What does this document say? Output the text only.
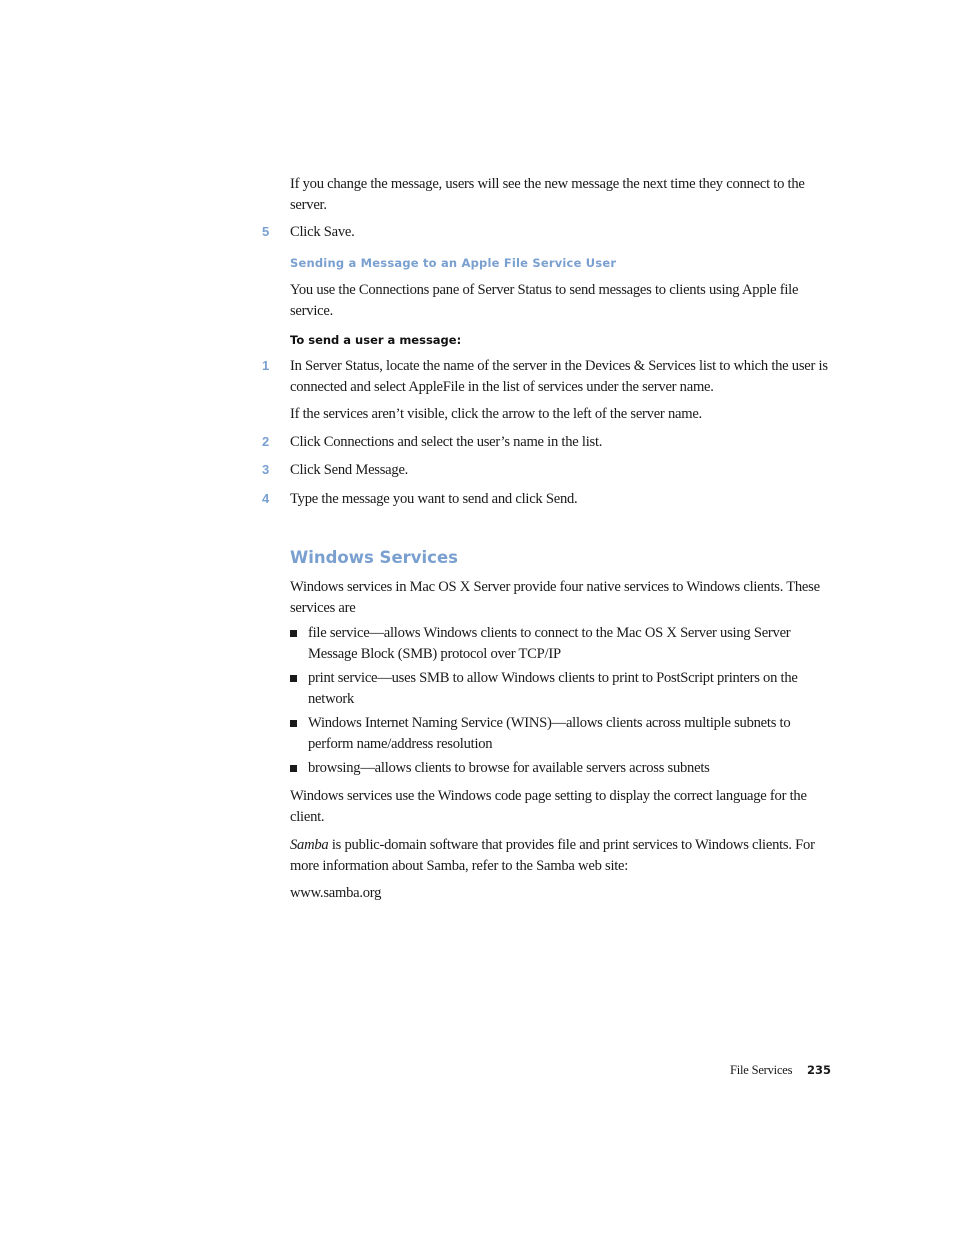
If you change the message, users will see the new message the next time they connect to the server.

5	Click Save.
Sending a Message to an Apple File Service User

You use the Connections pane of Server Status to send messages to clients using Apple file service.

To send a user a message:
1	In Server Status, locate the name of the server in the Devices & Services list to which the user is connected and select AppleFile in the list of services under the server name.

If the services aren’t visible, click the arrow to the left of the server name.

2	Click Connections and select the user’s name in the list.
3	Click Send Message.
4	Type the message you want to send and click Send.
Windows Services

Windows services in Mac OS X Server provide four native services to Windows clients. These services are

file service—allows Windows clients to connect to the Mac OS X Server using Server Message Block (SMB) protocol over TCP/IP
print service—uses SMB to allow Windows clients to print to PostScript printers on the network
Windows Internet Naming Service (WINS)—allows clients across multiple subnets to perform name/address resolution
browsing—allows clients to browse for available servers across subnets

Windows services use the Windows code page setting to display the correct language for the client.

Samba is public-domain software that provides file and print services to Windows clients. For more information about Samba, refer to the Samba web site:

www.samba.org

File Services 235
